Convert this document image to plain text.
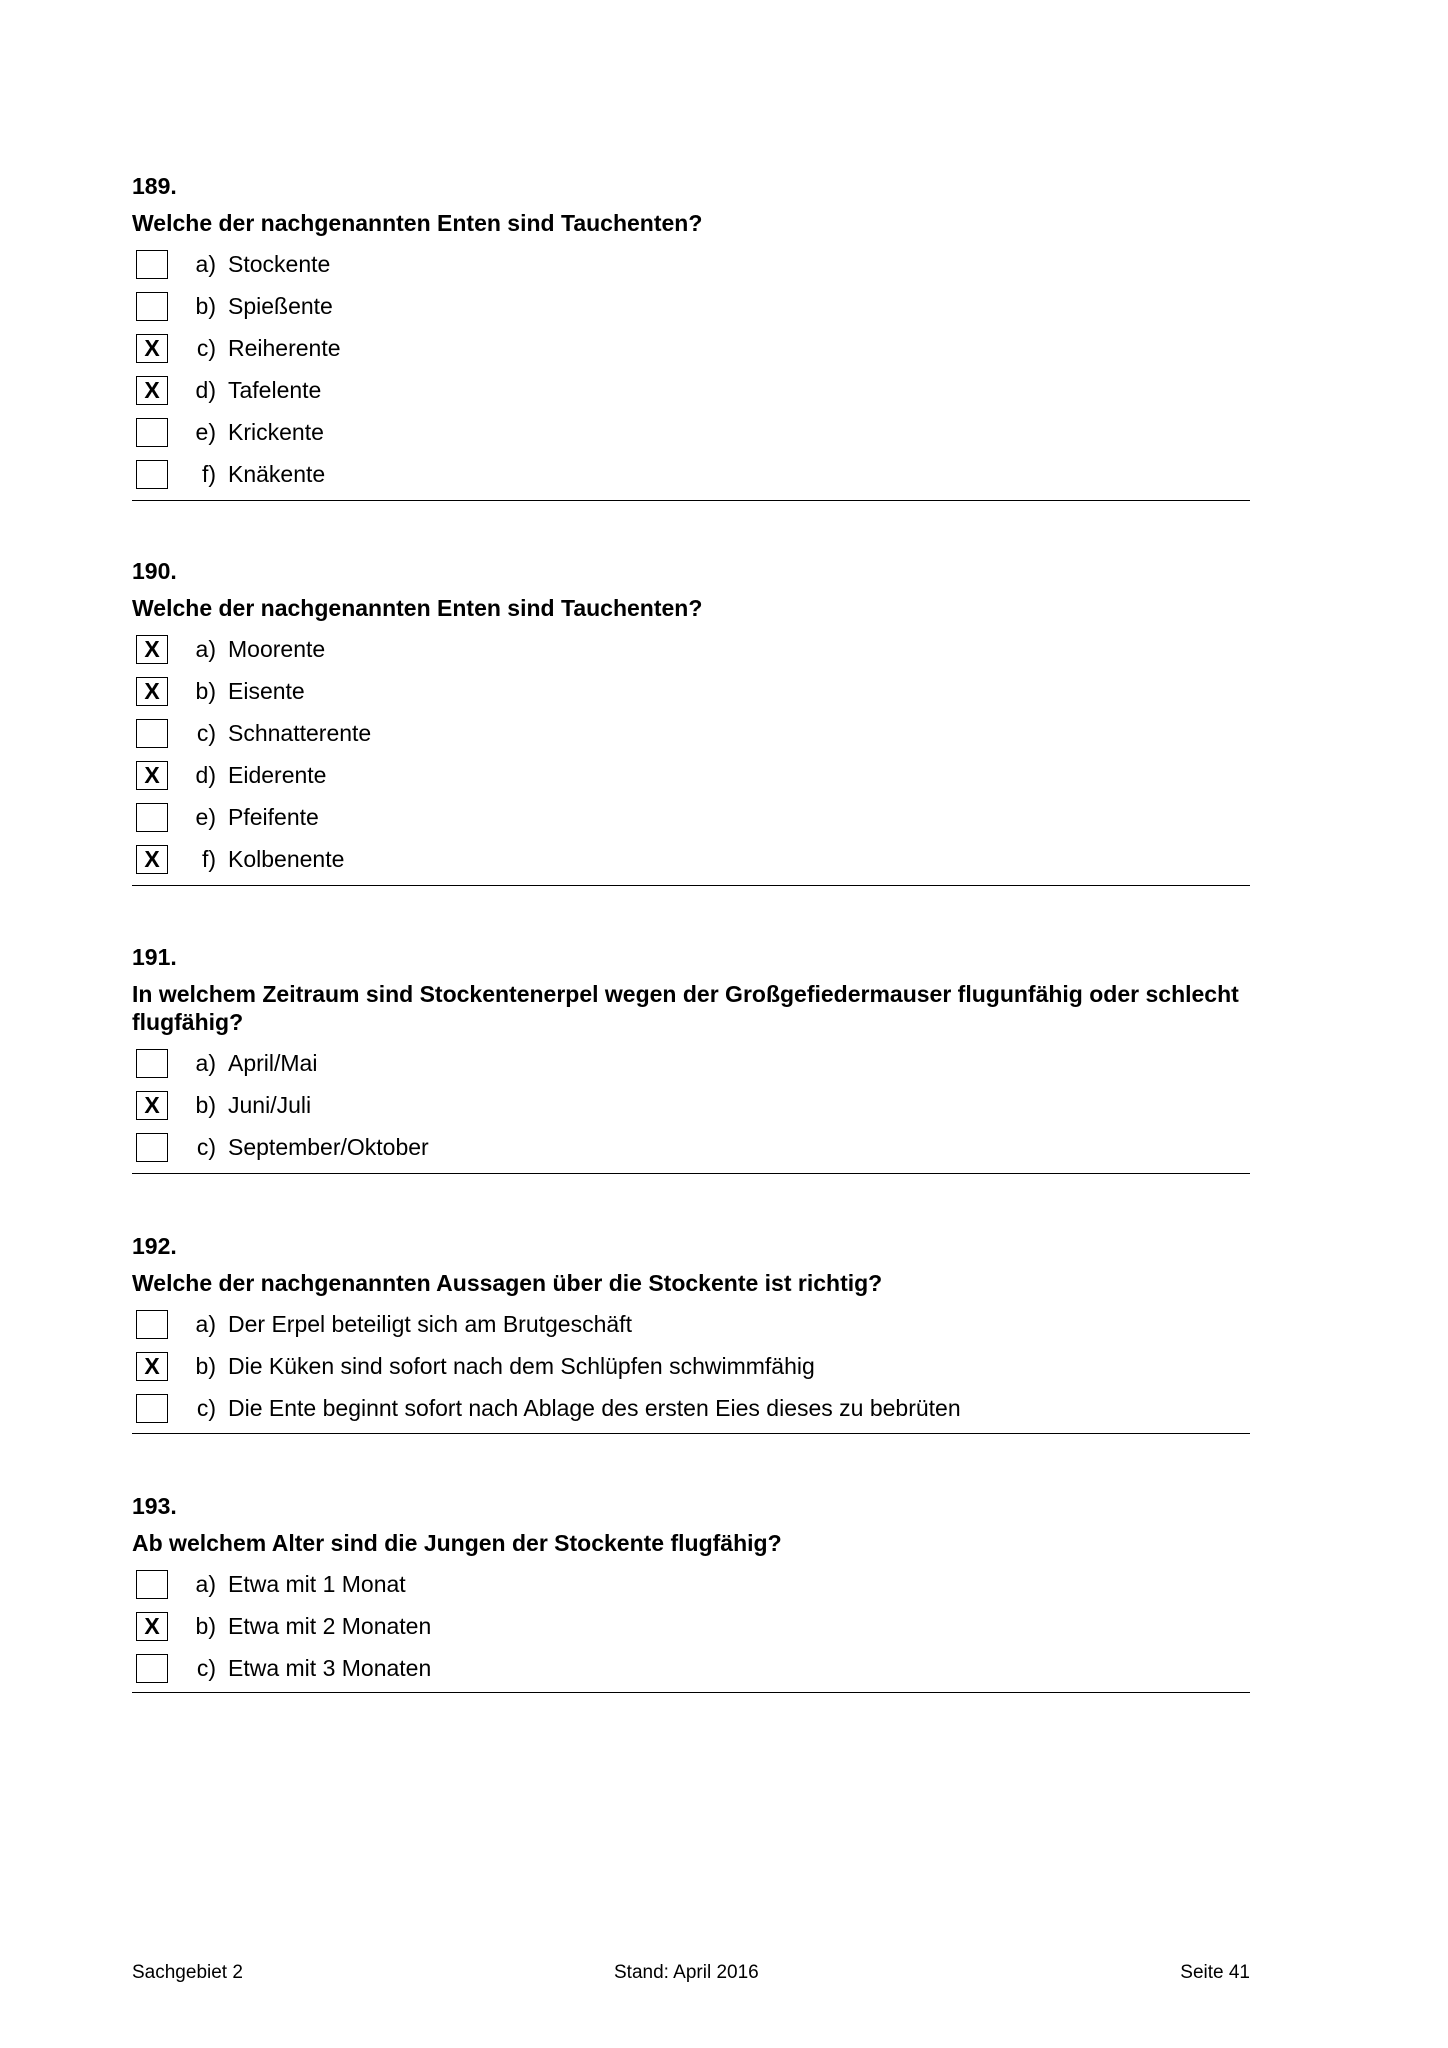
189.
Welche der nachgenannten Enten sind Tauchenten?
a) Stockente
b) Spießente
X	c) Reiherente
X	d) Tafelente
e) Krickente
f) Knäkente
190.
Welche der nachgenannten Enten sind Tauchenten?
X	a) Moorente
X	b) Eisente
c) Schnatterente
X	d) Eiderente
e) Pfeifente
X	f) Kolbenente
191.
In welchem Zeitraum sind Stockentenerpel wegen der Großgefiedermauser flugunfähig oder schlecht flugfähig?
a) April/Mai
X	b) Juni/Juli
c) September/Oktober
192.
Welche der nachgenannten Aussagen über die Stockente ist richtig?
a) Der Erpel beteiligt sich am Brutgeschäft
X	b) Die Küken sind sofort nach dem Schlüpfen schwimmfähig
c) Die Ente beginnt sofort nach Ablage des ersten Eies dieses zu bebrüten
193.
Ab welchem Alter sind die Jungen der Stockente flugfähig?
a) Etwa mit 1 Monat
X	b) Etwa mit 2 Monaten
c) Etwa mit 3 Monaten
Sachgebiet 2	Stand: April 2016	Seite 41
